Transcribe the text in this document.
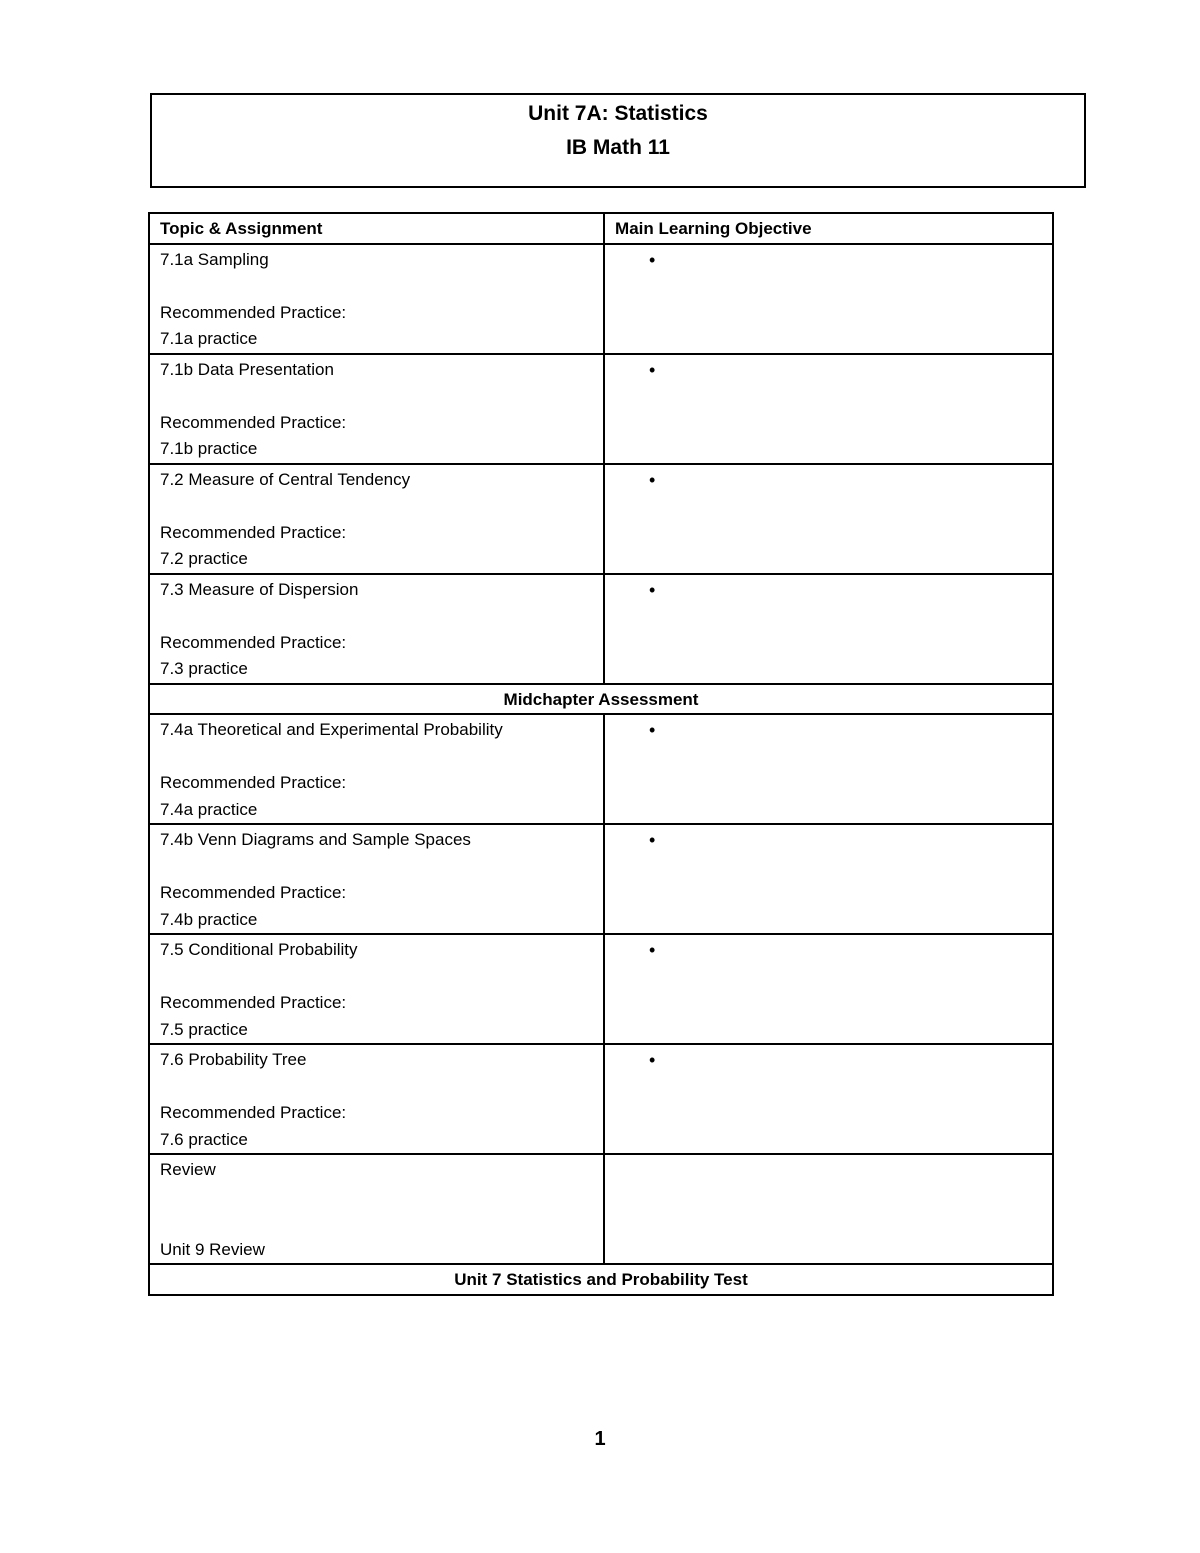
Unit 7A: Statistics
IB Math 11
Topic & Assignment	Main Learning Objective

7.1a Sampling
Recommended Practice:
7.1a practice	•

7.1b Data Presentation
Recommended Practice:
7.1b practice	•

7.2 Measure of Central Tendency
Recommended Practice:
7.2 practice	•

7.3 Measure of Dispersion
Recommended Practice:
7.3 practice	•

Midchapter Assessment	

7.4a Theoretical and Experimental Probability
Recommended Practice:
7.4a practice	•

7.4b Venn Diagrams and Sample Spaces
Recommended Practice:
7.4b practice	•

7.5 Conditional Probability
Recommended Practice:
7.5 practice	•

7.6 Probability Tree
Recommended Practice:
7.6 practice	•

Review
Unit 9 Review	

Unit 7 Statistics and Probability Test	
1
